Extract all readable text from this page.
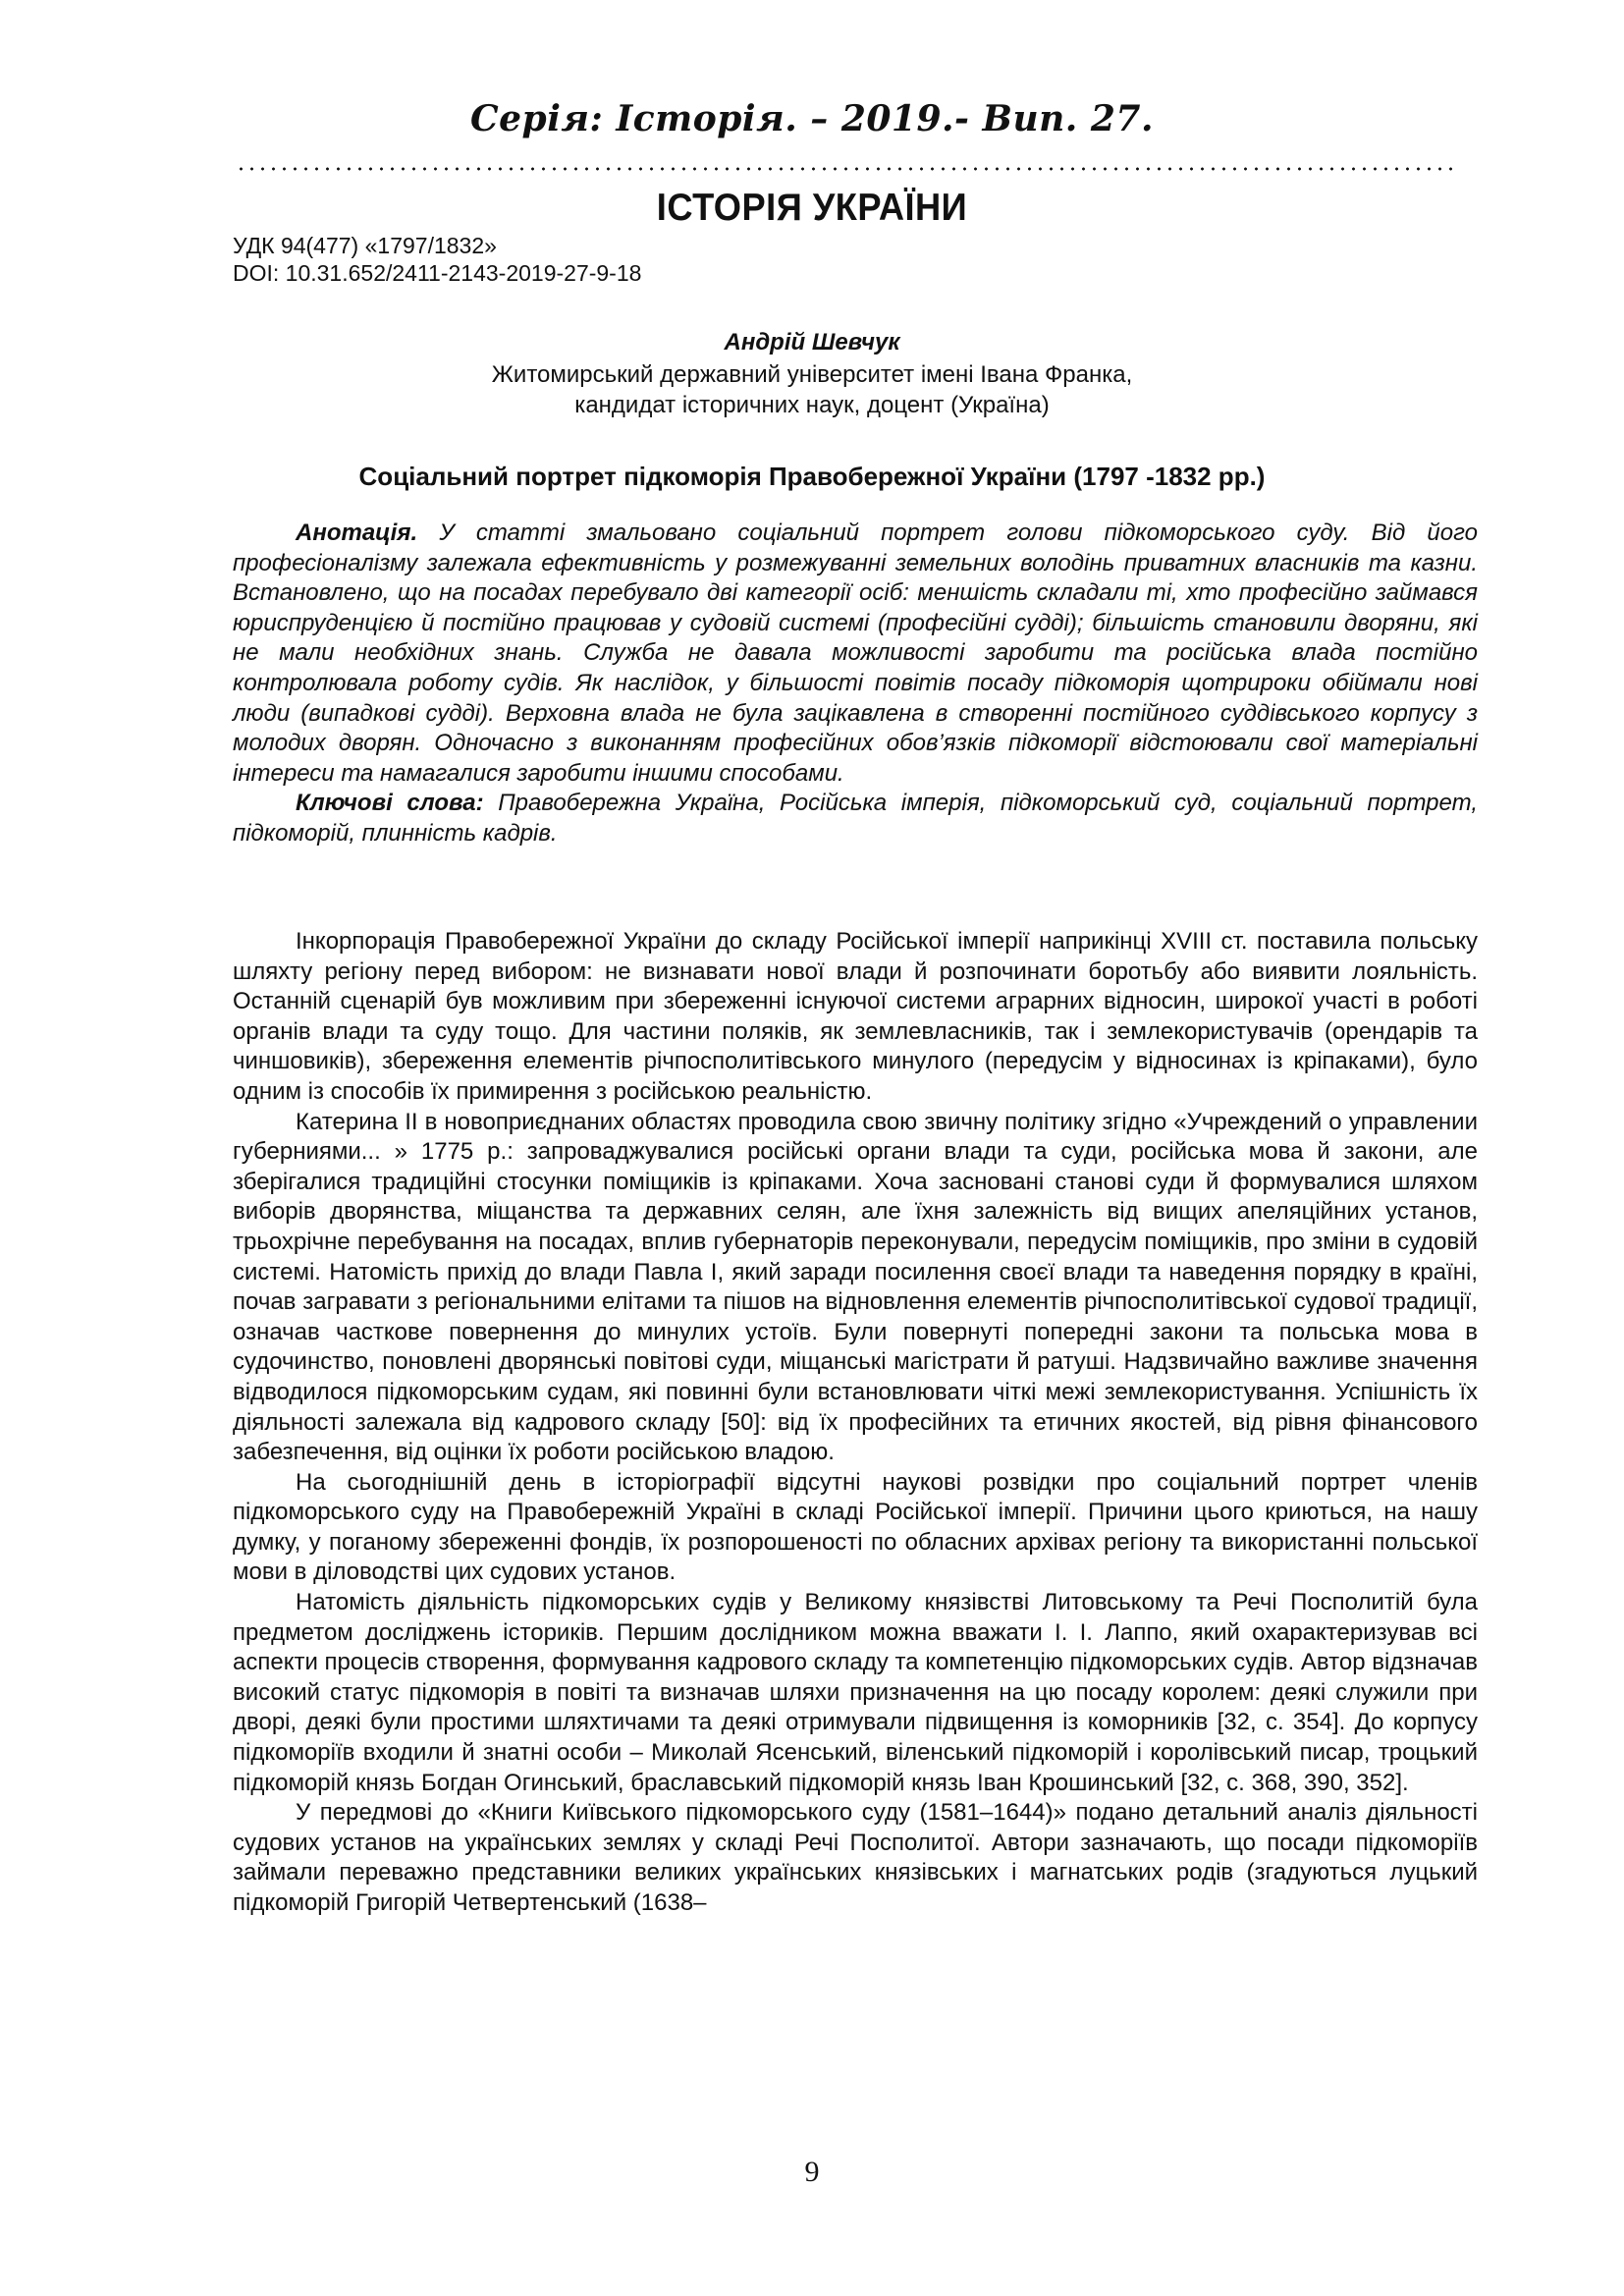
Серія: Історія. – 2019.- Вип. 27.
ІСТОРІЯ УКРАЇНИ
УДК 94(477) «1797/1832»
DOI: 10.31.652/2411-2143-2019-27-9-18
Андрій Шевчук
Житомирський державний університет імені Івана Франка,
кандидат історичних наук, доцент (Україна)
Соціальний портрет підкоморія Правобережної України (1797 -1832 рр.)

Анотація. У статті змальовано соціальний портрет голови підкоморського суду. Від його професіоналізму залежала ефективність у розмежуванні земельних володінь приватних власників та казни. Встановлено, що на посадах перебувало дві категорії осіб: меншість складали ті, хто професійно займався юриспруденцією й постійно працював у судовій системі (професійні судді); більшість становили дворяни, які не мали необхідних знань. Служба не давала можливості заробити та російська влада постійно контролювала роботу судів. Як наслідок, у більшості повітів посаду підкоморія щотрироки обіймали нові люди (випадкові судді). Верховна влада не була зацікавлена в створенні постійного суддівського корпусу з молодих дворян. Одночасно з виконанням професійних обов’язків підкоморії відстоювали свої матеріальні інтереси та намагалися заробити іншими способами.

Ключові слова: Правобережна Україна, Російська імперія, підкоморський суд, соціальний портрет, підкоморій, плинність кадрів.

Інкорпорація Правобережної України до складу Російської імперії наприкінці XVIII ст. поставила польську шляхту регіону перед вибором: не визнавати нової влади й розпочинати боротьбу або виявити лояльність. Останній сценарій був можливим при збереженні існуючої системи аграрних відносин, широкої участі в роботі органів влади та суду тощо. Для частини поляків, як землевласників, так і землекористувачів (орендарів та чиншовиків), збереження елементів річпосполитівського минулого (передусім у відносинах із кріпаками), було одним із способів їх примирення з російською реальністю.

Катерина ІІ в новоприєднаних областях проводила свою звичну політику згідно «Учреждений о управлении губерниями... » 1775 р.: запроваджувалися російські органи влади та суди, російська мова й закони, але зберігалися традиційні стосунки поміщиків із кріпаками. Хоча засновані станові суди й формувалися шляхом виборів дворянства, міщанства та державних селян, але їхня залежність від вищих апеляційних установ, трьохрічне перебування на посадах, вплив губернаторів переконували, передусім поміщиків, про зміни в судовій системі. Натомість прихід до влади Павла І, який заради посилення своєї влади та наведення порядку в країні, почав загравати з регіональними елітами та пішов на відновлення елементів річпосполитівської судової традиції, означав часткове повернення до минулих устоїв. Були повернуті попередні закони та польська мова в судочинство, поновлені дворянські повітові суди, міщанські магістрати й ратуші. Надзвичайно важливе значення відводилося підкоморським судам, які повинні були встановлювати чіткі межі землекористування. Успішність їх діяльності залежала від кадрового складу [50]: від їх професійних та етичних якостей, від рівня фінансового забезпечення, від оцінки їх роботи російською владою.

На сьогоднішній день в історіографії відсутні наукові розвідки про соціальний портрет членів підкоморського суду на Правобережній Україні в складі Російської імперії. Причини цього криються, на нашу думку, у поганому збереженні фондів, їх розпорошеності по обласних архівах регіону та використанні польської мови в діловодстві цих судових установ.

Натомість діяльність підкоморських судів у Великому князівстві Литовському та Речі Посполитій була предметом досліджень істориків. Першим дослідником можна вважати І. І. Лаппо, який охарактеризував всі аспекти процесів створення, формування кадрового складу та компетенцію підкоморських судів. Автор відзначав високий статус підкоморія в повіті та визначав шляхи призначення на цю посаду королем: деякі служили при дворі, деякі були простими шляхтичами та деякі отримували підвищення із коморників [32, с. 354]. До корпусу підкоморіїв входили й знатні особи – Миколай Ясенський, віленський підкоморій і королівський писар, троцький підкоморій князь Богдан Огинський, браславський підкоморій князь Іван Крошинський [32, с. 368, 390, 352].

У передмові до «Книги Київського підкоморського суду (1581–1644)» подано детальний аналіз діяльності судових установ на українських землях у складі Речі Посполитої. Автори зазначають, що посади підкоморіїв займали переважно представники великих українських князівських і магнатських родів (згадуються луцький підкоморій Григорій Четвертенський (1638–

9
